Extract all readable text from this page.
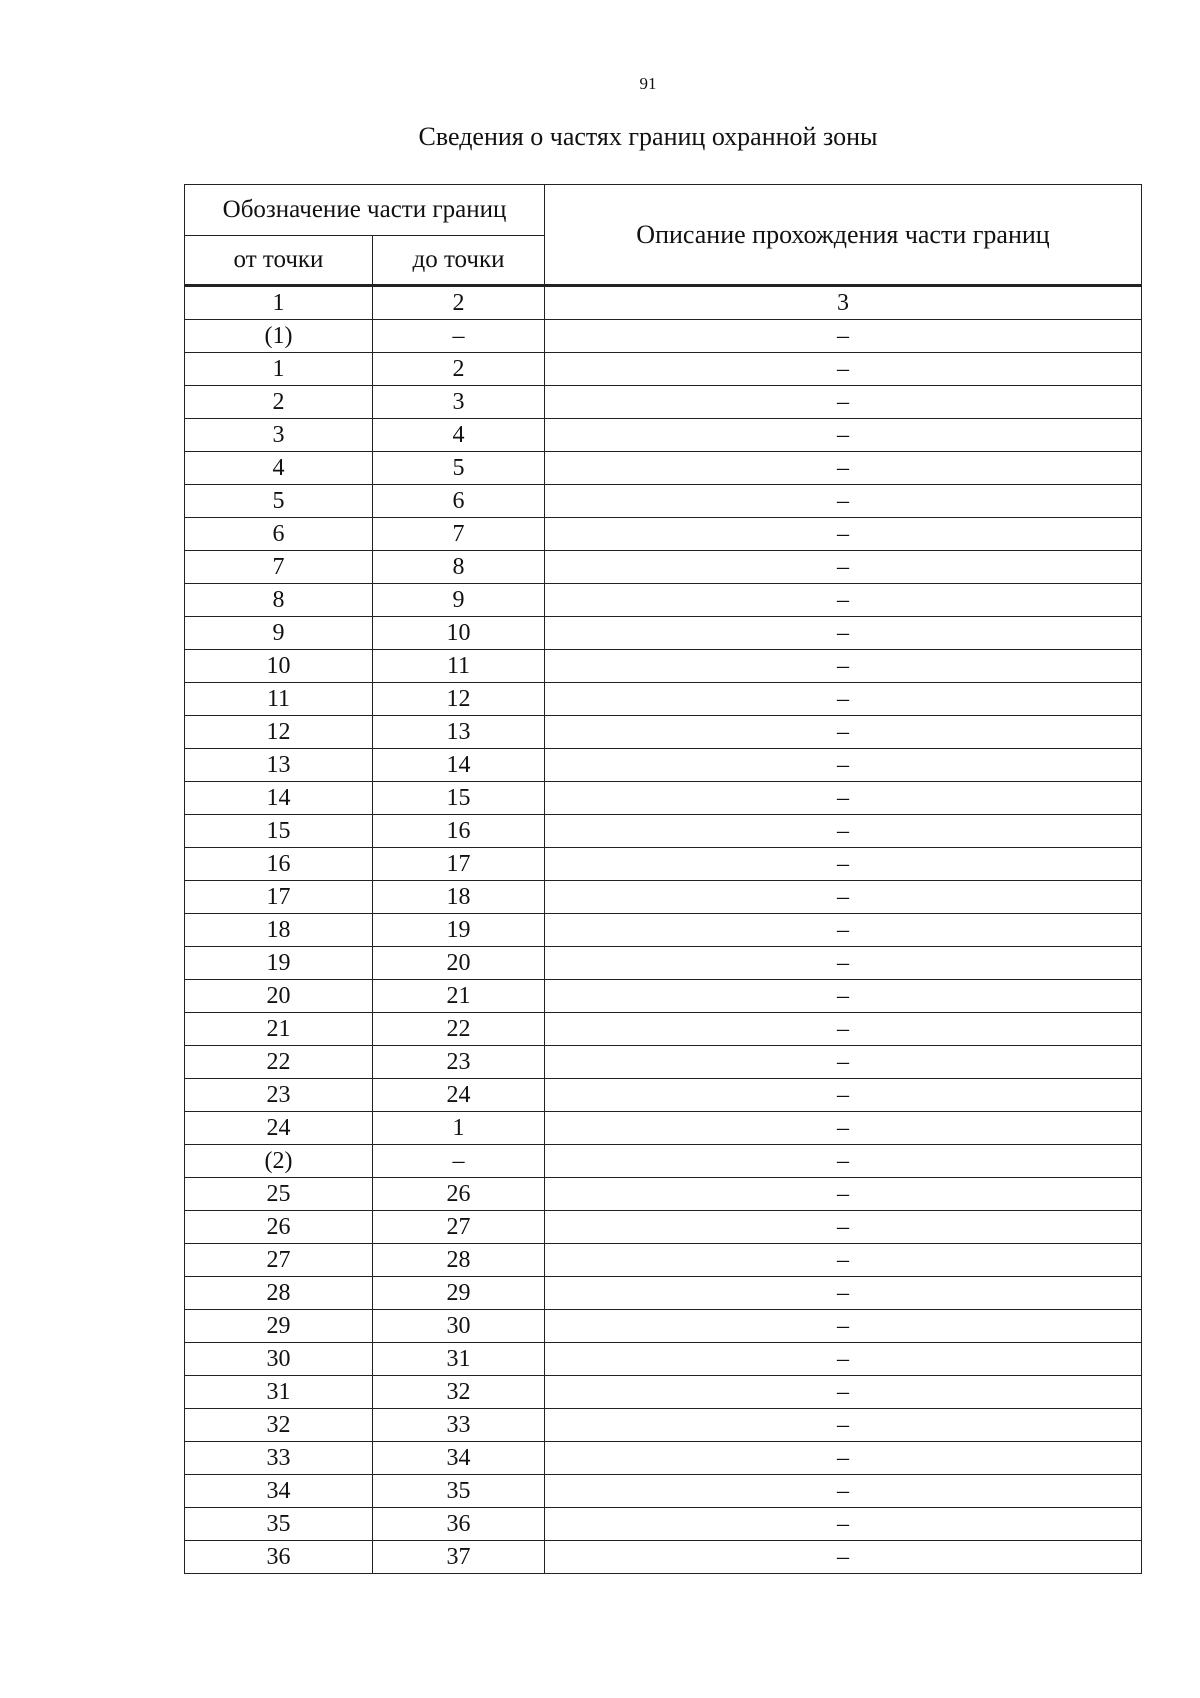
91
Сведения о частях границ охранной зоны
Обозначение части границ		Описание прохождения части границ
от точки	до точки	
1	2	3
(1)	–	–
1	2	–
2	3	–
3	4	–
4	5	–
5	6	–
6	7	–
7	8	–
8	9	–
9	10	–
10	11	–
11	12	–
12	13	–
13	14	–
14	15	–
15	16	–
16	17	–
17	18	–
18	19	–
19	20	–
20	21	–
21	22	–
22	23	–
23	24	–
24	1	–
(2)	–	–
25	26	–
26	27	–
27	28	–
28	29	–
29	30	–
30	31	–
31	32	–
32	33	–
33	34	–
34	35	–
35	36	–
36	37	–
